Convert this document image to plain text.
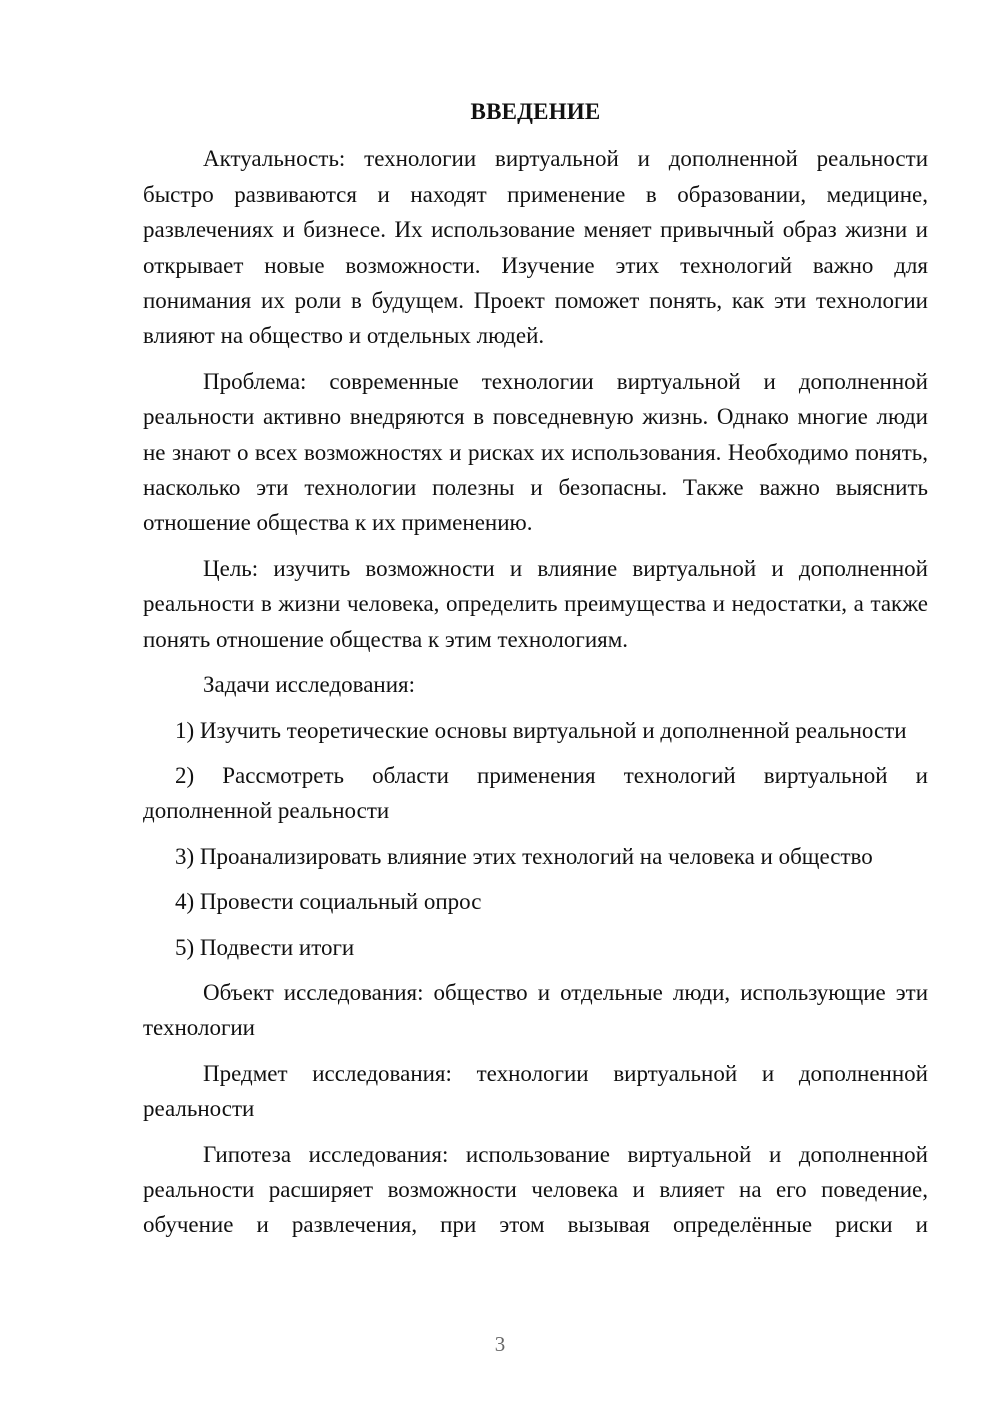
ВВЕДЕНИЕ

Актуальность: технологии виртуальной и дополненной реальности быстро развиваются и находят применение в образовании, медицине, развлечениях и бизнесе. Их использование меняет привычный образ жизни и открывает новые возможности. Изучение этих технологий важно для понимания их роли в будущем. Проект поможет понять, как эти технологии влияют на общество и отдельных людей.

Проблема: современные технологии виртуальной и дополненной реальности активно внедряются в повседневную жизнь. Однако многие люди не знают о всех возможностях и рисках их использования. Необходимо понять, насколько эти технологии полезны и безопасны. Также важно выяснить отношение общества к их применению.

Цель: изучить возможности и влияние виртуальной и дополненной реальности в жизни человека, определить преимущества и недостатки, а также понять отношение общества к этим технологиям.

Задачи исследования:

1) Изучить теоретические основы виртуальной и дополненной реальности

2) Рассмотреть области применения технологий виртуальной и дополненной реальности

3) Проанализировать влияние этих технологий на человека и общество

4) Провести социальный опрос

5) Подвести итоги

Объект исследования: общество и отдельные люди, использующие эти технологии

Предмет исследования: технологии виртуальной и дополненной реальности

Гипотеза исследования: использование виртуальной и дополненной реальности расширяет возможности человека и влияет на его поведение, обучение и развлечения, при этом вызывая определённые риски и

3
